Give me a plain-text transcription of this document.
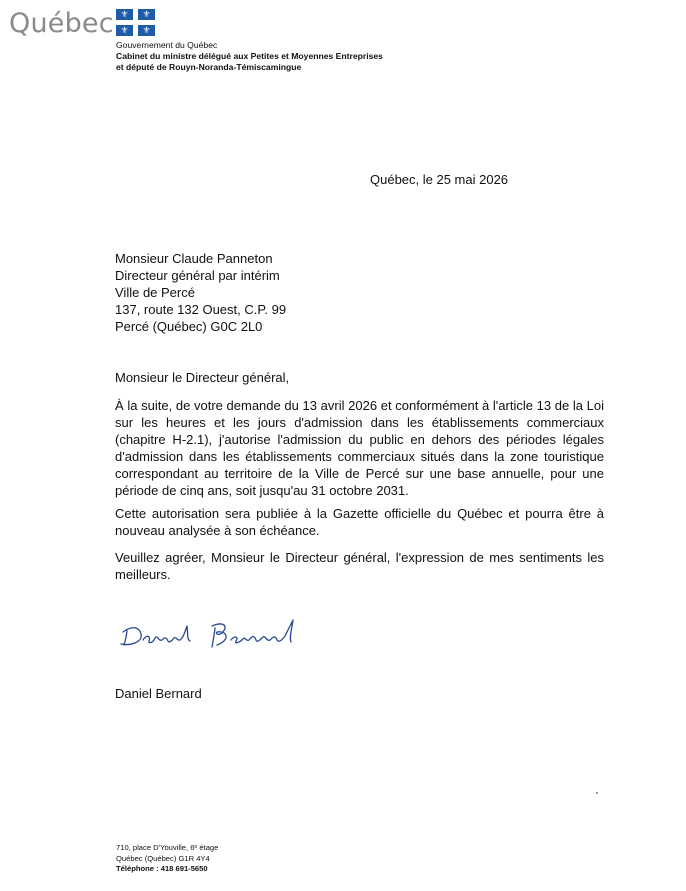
Québec ⚜	⚜
⚜	⚜
Gouvernement du Québec
Cabinet du ministre délégué aux Petites et Moyennes Entreprises
et député de Rouyn-Noranda-Témiscamingue
Québec, le 25 mai 2026
Monsieur Claude Panneton
Directeur général par intérim
Ville de Percé
137, route 132 Ouest, C.P. 99
Percé (Québec) G0C 2L0
Monsieur le Directeur général,
À la suite, de votre demande du 13 avril 2026 et conformément à l'article 13 de la Loi sur les heures et les jours d'admission dans les établissements commerciaux (chapitre H-2.1), j'autorise l'admission du public en dehors des périodes légales d'admission dans les établissements commerciaux situés dans la zone touristique correspondant au territoire de la Ville de Percé sur une base annuelle, pour une période de cinq ans, soit jusqu'au 31 octobre 2031.
Cette autorisation sera publiée à la Gazette officielle du Québec et pourra être à nouveau analysée à son échéance.
Veuillez agréer, Monsieur le Directeur général, l'expression de mes sentiments les meilleurs.
Daniel Bernard
710, place D'Youville, 6ᵉ étage
Québec (Québec) G1R 4Y4
Téléphone : 418 691-5650
